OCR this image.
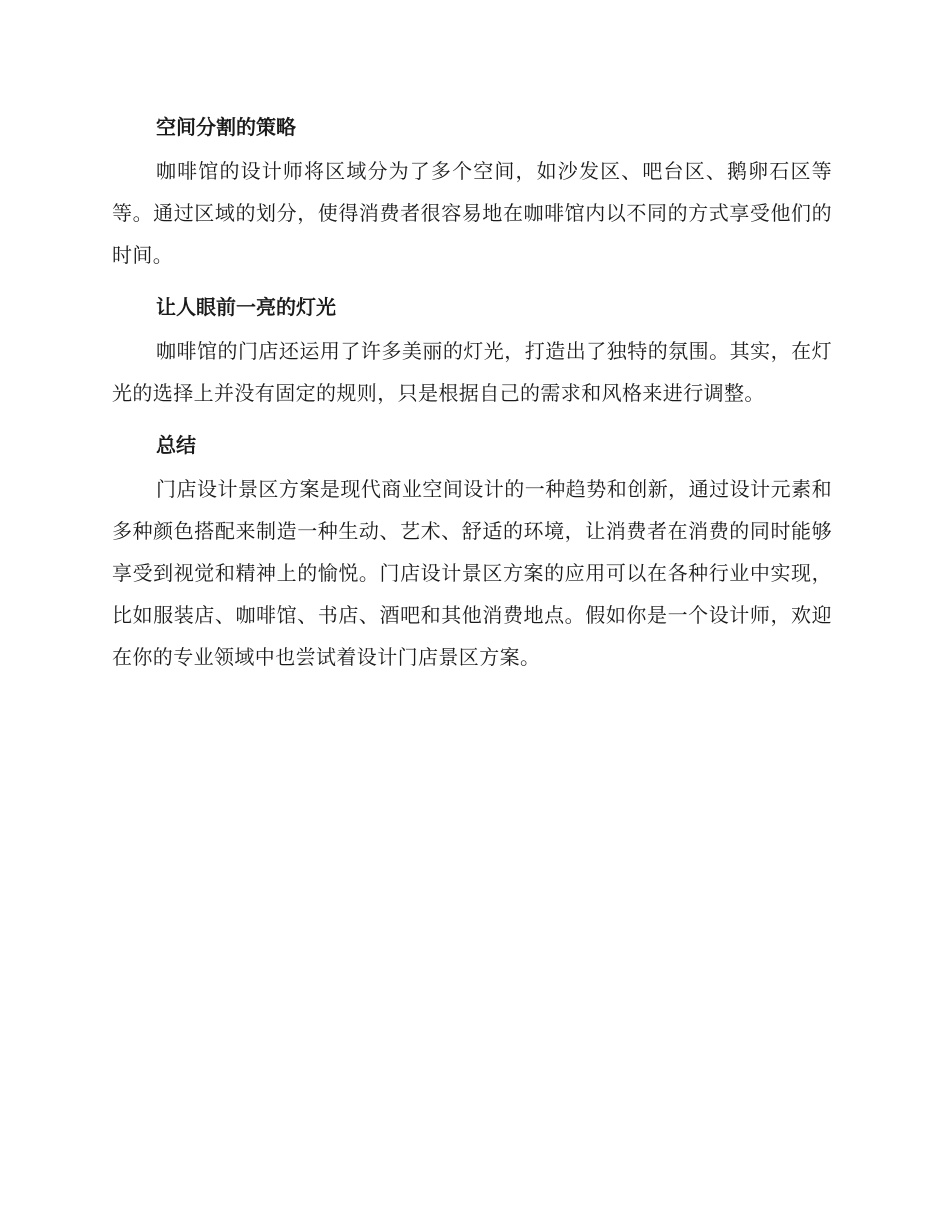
空间分割的策略

咖啡馆的设计师将区域分为了多个空间，如沙发区、吧台区、鹅卵石区等等。通过区域的划分，使得消费者很容易地在咖啡馆内以不同的方式享受他们的时间。

让人眼前一亮的灯光

咖啡馆的门店还运用了许多美丽的灯光，打造出了独特的氛围。其实，在灯光的选择上并没有固定的规则，只是根据自己的需求和风格来进行调整。

总结

门店设计景区方案是现代商业空间设计的一种趋势和创新，通过设计元素和多种颜色搭配来制造一种生动、艺术、舒适的环境，让消费者在消费的同时能够享受到视觉和精神上的愉悦。门店设计景区方案的应用可以在各种行业中实现，比如服装店、咖啡馆、书店、酒吧和其他消费地点。假如你是一个设计师，欢迎在你的专业领域中也尝试着设计门店景区方案。
